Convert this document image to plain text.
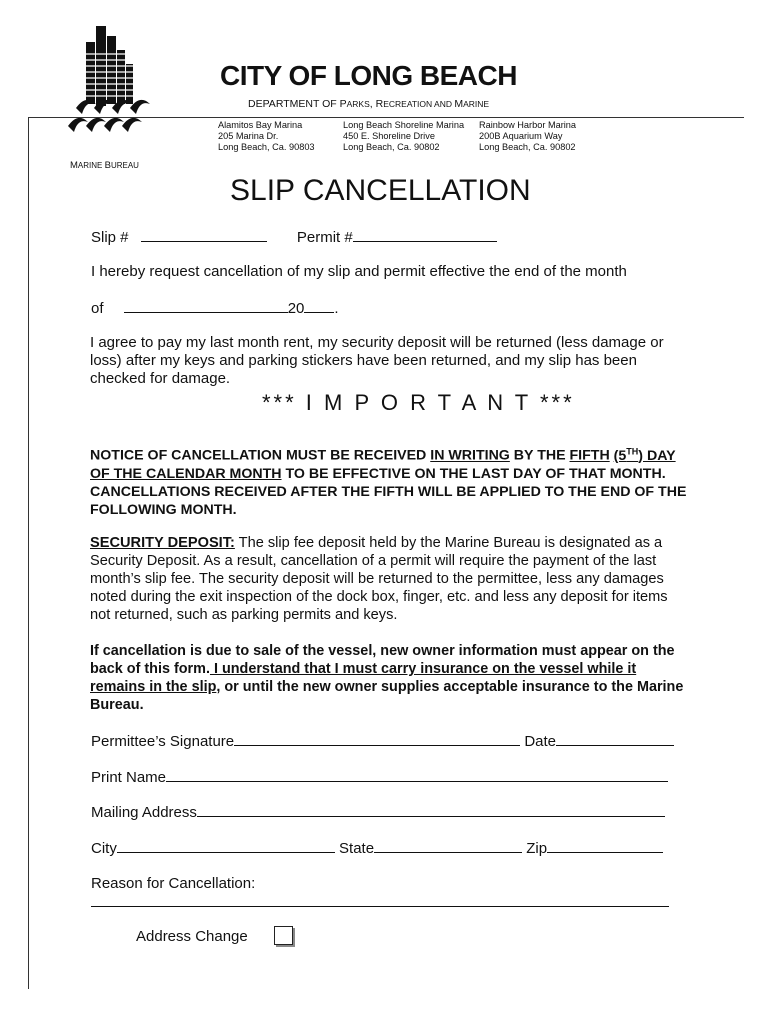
CITY OF LONG BEACH
DEPARTMENT OF PARKS, RECREATION AND MARINE
Alamitos Bay Marina
205 Marina Dr.
Long Beach, Ca. 90803
Long Beach Shoreline Marina
450 E. Shoreline Drive
Long Beach, Ca. 90802
Rainbow Harbor Marina
200B Aquarium Way
Long Beach, Ca. 90802
MARINE BUREAU
SLIP CANCELLATION
Slip #	Permit #
I hereby request cancellation of my slip and permit effective the end of the month
of	20 .
I agree to pay my last month rent, my security deposit will be returned (less damage or loss) after my keys and parking stickers have been returned, and my slip has been checked for damage.
*** I M P O R T A N T ***
NOTICE OF CANCELLATION MUST BE RECEIVED IN WRITING BY THE FIFTH (5TH) DAY OF THE CALENDAR MONTH TO BE EFFECTIVE ON THE LAST DAY OF THAT MONTH. CANCELLATIONS RECEIVED AFTER THE FIFTH WILL BE APPLIED TO THE END OF THE FOLLOWING MONTH.
SECURITY DEPOSIT: The slip fee deposit held by the Marine Bureau is designated as a Security Deposit. As a result, cancellation of a permit will require the payment of the last month’s slip fee. The security deposit will be returned to the permittee, less any damages noted during the exit inspection of the dock box, finger, etc. and less any deposit for items not returned, such as parking permits and keys.
If cancellation is due to sale of the vessel, new owner information must appear on the back of this form. I understand that I must carry insurance on the vessel while it remains in the slip, or until the new owner supplies acceptable insurance to the Marine Bureau.
Permittee’s Signature	Date
Print Name
Mailing Address
City	State	Zip
Reason for Cancellation:
Address Change
